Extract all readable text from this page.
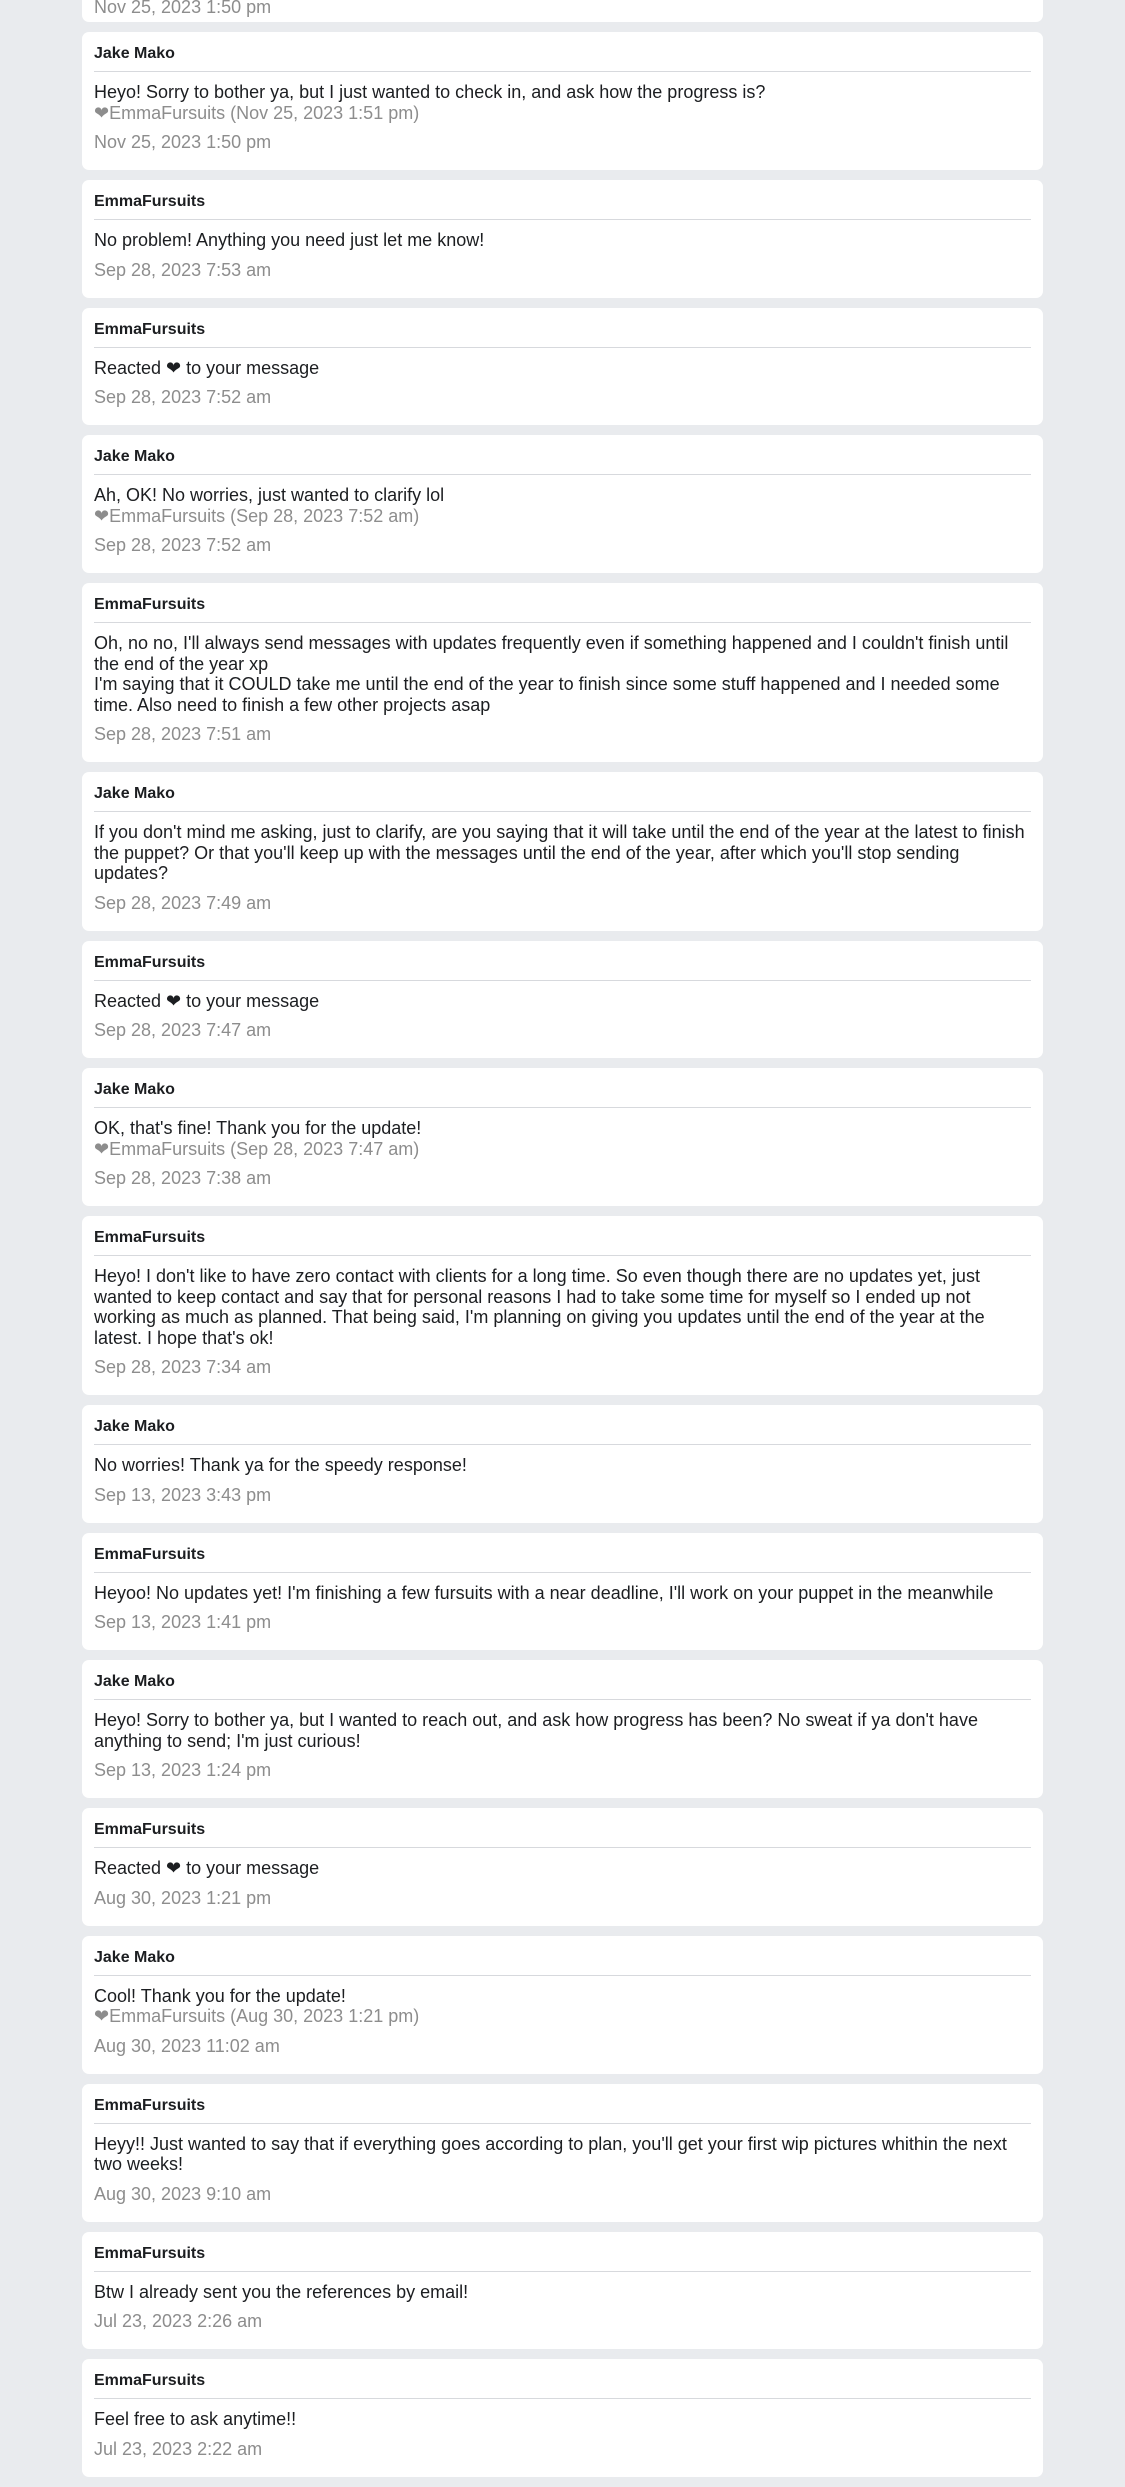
Nov 25, 2023 1:50 pm
Jake Mako
Heyo! Sorry to bother ya, but I just wanted to check in, and ask how the progress is?
❤EmmaFursuits (Nov 25, 2023 1:51 pm)
Nov 25, 2023 1:50 pm
EmmaFursuits
No problem! Anything you need just let me know!
Sep 28, 2023 7:53 am
EmmaFursuits
Reacted ❤ to your message
Sep 28, 2023 7:52 am
Jake Mako
Ah, OK! No worries, just wanted to clarify lol
❤EmmaFursuits (Sep 28, 2023 7:52 am)
Sep 28, 2023 7:52 am
EmmaFursuits
Oh, no no, I'll always send messages with updates frequently even if something happened and I couldn't finish until the end of the year xp
I'm saying that it COULD take me until the end of the year to finish since some stuff happened and I needed some time. Also need to finish a few other projects asap
Sep 28, 2023 7:51 am
Jake Mako
If you don't mind me asking, just to clarify, are you saying that it will take until the end of the year at the latest to finish the puppet? Or that you'll keep up with the messages until the end of the year, after which you'll stop sending updates?
Sep 28, 2023 7:49 am
EmmaFursuits
Reacted ❤ to your message
Sep 28, 2023 7:47 am
Jake Mako
OK, that's fine! Thank you for the update!
❤EmmaFursuits (Sep 28, 2023 7:47 am)
Sep 28, 2023 7:38 am
EmmaFursuits
Heyo! I don't like to have zero contact with clients for a long time. So even though there are no updates yet, just wanted to keep contact and say that for personal reasons I had to take some time for myself so I ended up not working as much as planned. That being said, I'm planning on giving you updates until the end of the year at the latest. I hope that's ok!
Sep 28, 2023 7:34 am
Jake Mako
No worries! Thank ya for the speedy response!
Sep 13, 2023 3:43 pm
EmmaFursuits
Heyoo! No updates yet! I'm finishing a few fursuits with a near deadline, I'll work on your puppet in the meanwhile
Sep 13, 2023 1:41 pm
Jake Mako
Heyo! Sorry to bother ya, but I wanted to reach out, and ask how progress has been? No sweat if ya don't have anything to send; I'm just curious!
Sep 13, 2023 1:24 pm
EmmaFursuits
Reacted ❤ to your message
Aug 30, 2023 1:21 pm
Jake Mako
Cool! Thank you for the update!
❤EmmaFursuits (Aug 30, 2023 1:21 pm)
Aug 30, 2023 11:02 am
EmmaFursuits
Heyy!! Just wanted to say that if everything goes according to plan, you'll get your first wip pictures whithin the next two weeks!
Aug 30, 2023 9:10 am
EmmaFursuits
Btw I already sent you the references by email!
Jul 23, 2023 2:26 am
EmmaFursuits
Feel free to ask anytime!!
Jul 23, 2023 2:22 am
